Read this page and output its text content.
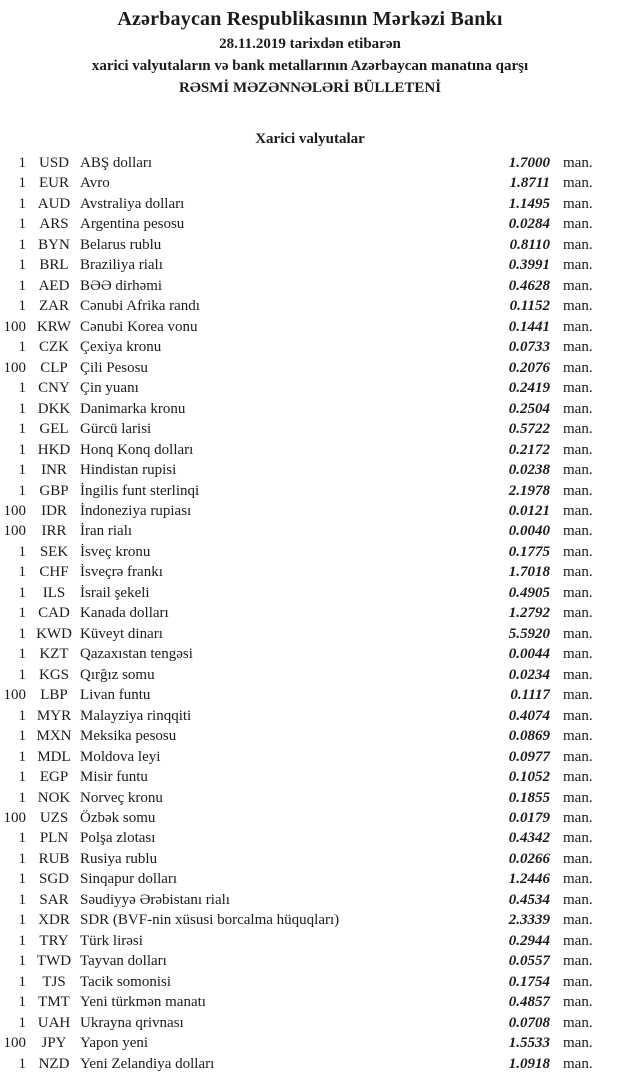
Azərbaycan Respublikasının Mərkəzi Bankı
28.11.2019 tarixdən etibarən
xarici valyutaların və bank metallarının Azərbaycan manatına qarşı
RƏSMİ MƏZƏNNƏLƏRİ BÜLLETENİ
Xarici valyutalar
1 USD ABŞ dolları	1.7000 man.
1 EUR Avro	1.8711 man.
1 AUD Avstraliya dolları	1.1495 man.
1 ARS Argentina pesosu	0.0284 man.
1 BYN Belarus rublu	0.8110 man.
1 BRL Braziliya rialı	0.3991 man.
1 AED BƏƏ dirhəmi	0.4628 man.
1 ZAR Cənubi Afrika randı	0.1152 man.
100 KRW Cənubi Korea vonu	0.1441 man.
1 CZK Çexiya kronu	0.0733 man.
100 CLP Çili Pesosu	0.2076 man.
1 CNY Çin yuanı	0.2419 man.
1 DKK Danimarka kronu	0.2504 man.
1 GEL Gürcü larisi	0.5722 man.
1 HKD Honq Konq dolları	0.2172 man.
1	INR Hindistan rupisi	0.0238 man.
1 GBP İngilis funt sterlinqi	2.1978 man.
100	IDR İndoneziya rupiası	0.0121 man.
100	IRR İran rialı	0.0040 man.
1 SEK İsveç kronu	0.1775 man.
1 CHF İsveçrə frankı	1.7018 man.
1	ILS İsrail şekeli	0.4905 man.
1 CAD Kanada dolları	1.2792 man.
1 KWD Küveyt dinarı	5.5920 man.
1 KZT Qazaxıstan tengəsi	0.0044 man.
1 KGS Qırğız somu	0.0234 man.
100 LBP Livan funtu	0.1117 man.
1 MYR Malayziya rinqqiti	0.4074 man.
1 MXN Meksika pesosu	0.0869 man.
1 MDL Moldova leyi	0.0977 man.
1 EGP Misir funtu	0.1052 man.
1 NOK Norveç kronu	0.1855 man.
100 UZS Özbək somu	0.0179 man.
1 PLN Polşa zlotası	0.4342 man.
1 RUB Rusiya rublu	0.0266 man.
1 SGD Sinqapur dolları	1.2446 man.
1 SAR Səudiyyə Ərəbistanı rialı	0.4534 man.
1 XDR SDR (BVF-nin xüsusi borcalma hüquqları)	2.3339 man.
1 TRY Türk lirəsi	0.2944 man.
1 TWD Tayvan dolları	0.0557 man.
1	TJS Tacik somonisi	0.1754 man.
1 TMT Yeni türkmən manatı	0.4857 man.
1 UAH Ukrayna qrivnası	0.0708 man.
100	JPY Yapon yeni	1.5533 man.
1 NZD Yeni Zelandiya dolları	1.0918 man.
